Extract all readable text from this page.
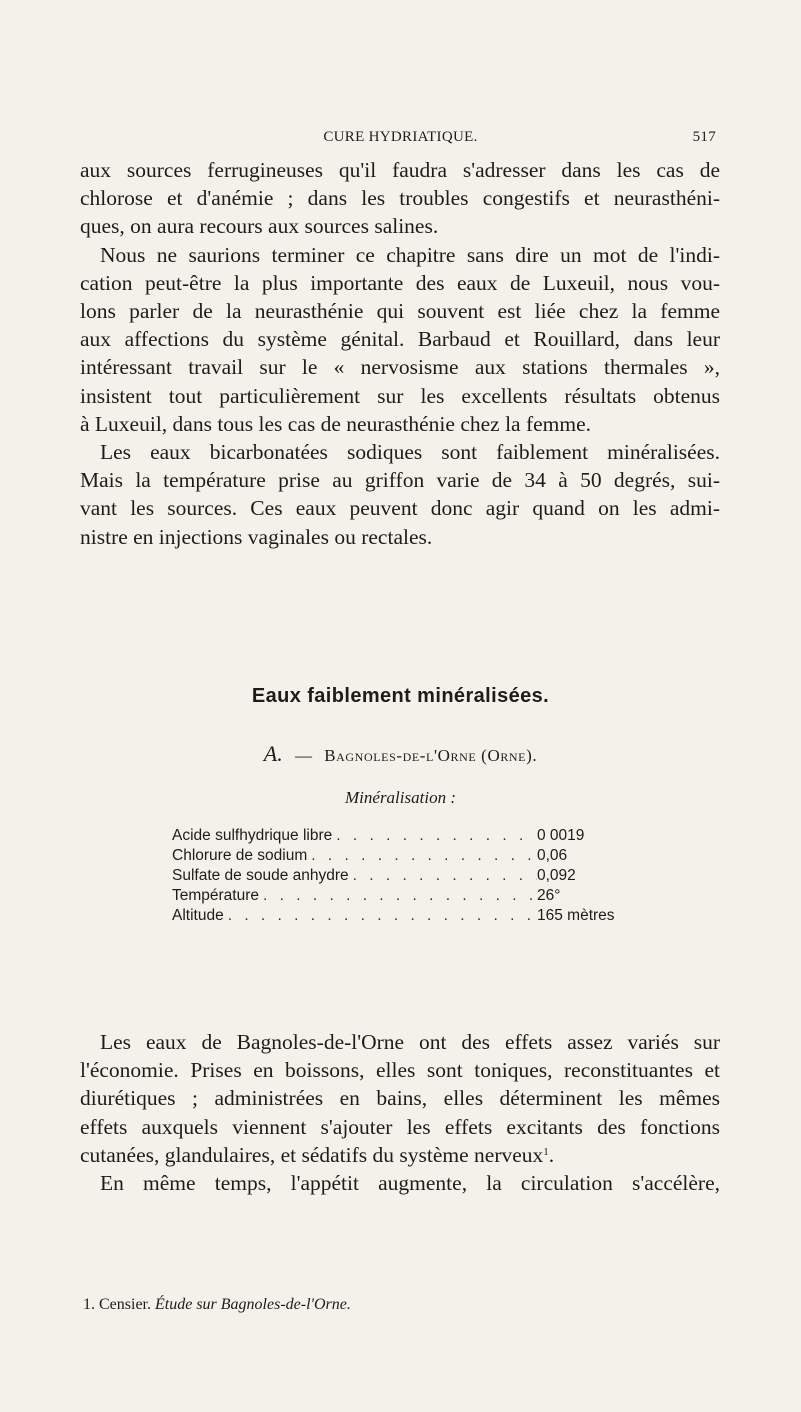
CURE HYDRIATIQUE.	517
aux sources ferrugineuses qu'il faudra s'adresser dans les cas de
chlorose et d'anémie ; dans les troubles congestifs et neurasthéni-
ques, on aura recours aux sources salines.
Nous ne saurions terminer ce chapitre sans dire un mot de l'indi-
cation peut-être la plus importante des eaux de Luxeuil, nous vou-
lons parler de la neurasthénie qui souvent est liée chez la femme
aux affections du système génital. Barbaud et Rouillard, dans leur
intéressant travail sur le « nervosisme aux stations thermales »,
insistent tout particulièrement sur les excellents résultats obtenus
à Luxeuil, dans tous les cas de neurasthénie chez la femme.
Les eaux bicarbonatées sodiques sont faiblement minéralisées.
Mais la température prise au griffon varie de 34 à 50 degrés, sui-
vant les sources. Ces eaux peuvent donc agir quand on les admi-
nistre en injections vaginales ou rectales.
Eaux faiblement minéralisées.
A. — Bagnoles-de-l'Orne (Orne).
Minéralisation :
Acide sulfhydrique libre . . .	0 0019
Chlorure de sodium . . .	0,06
Sulfate de soude anhydre . . .	0,092
Température . . .	26°
Altitude . . .	165 mètres
Les eaux de Bagnoles-de-l'Orne ont des effets assez variés sur
l'économie. Prises en boissons, elles sont toniques, reconstituantes et
diurétiques ; administrées en bains, elles déterminent les mêmes
effets auxquels viennent s'ajouter les effets excitants des fonctions
cutanées, glandulaires, et sédatifs du système nerveux$^1$.
En même temps, l'appétit augmente, la circulation s'accélère,
1. Censier. Étude sur Bagnoles-de-l'Orne.
